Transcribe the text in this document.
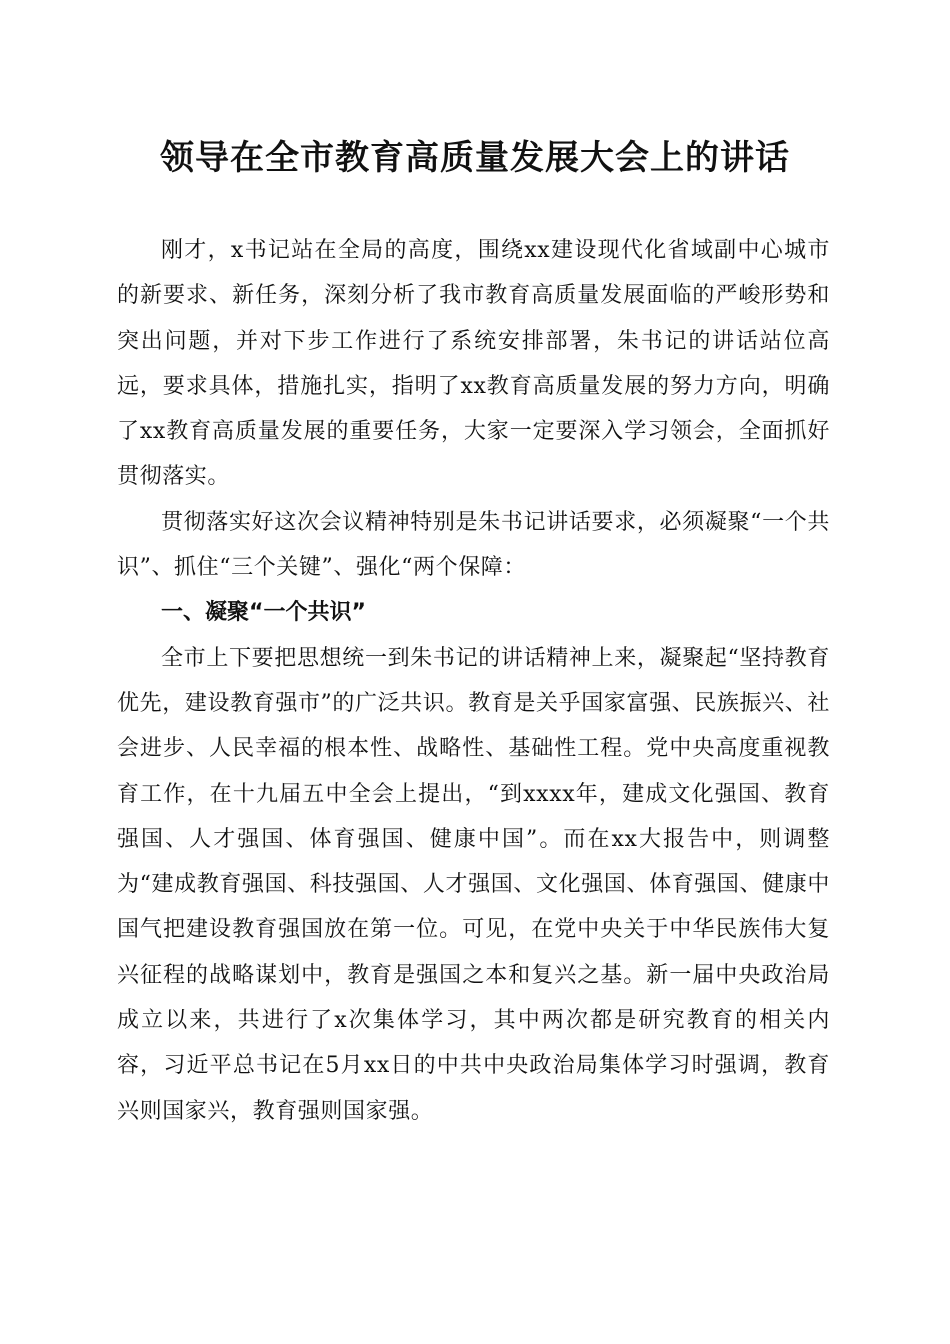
领导在全市教育高质量发展大会上的讲话

刚才，x书记站在全局的高度，围绕xx建设现代化省域副中心城市的新要求、新任务，深刻分析了我市教育高质量发展面临的严峻形势和突出问题，并对下步工作进行了系统安排部署，朱书记的讲话站位高远，要求具体，措施扎实，指明了xx教育高质量发展的努力方向，明确了xx教育高质量发展的重要任务，大家一定要深入学习领会，全面抓好贯彻落实。

贯彻落实好这次会议精神特别是朱书记讲话要求，必须凝聚“一个共识”、抓住“三个关键”、强化“两个保障：

一、凝聚“一个共识”

全市上下要把思想统一到朱书记的讲话精神上来，凝聚起“坚持教育优先，建设教育强市”的广泛共识。教育是关乎国家富强、民族振兴、社会进步、人民幸福的根本性、战略性、基础性工程。党中央高度重视教育工作，在十九届五中全会上提出，“到xxxx年，建成文化强国、教育强国、人才强国、体育强国、健康中国”。而在xx大报告中，则调整为“建成教育强国、科技强国、人才强国、文化强国、体育强国、健康中国气把建设教育强国放在第一位。可见，在党中央关于中华民族伟大复兴征程的战略谋划中，教育是强国之本和复兴之基。新一届中央政治局成立以来，共进行了x次集体学习，其中两次都是研究教育的相关内容，习近平总书记在5月xx日的中共中央政治局集体学习时强调，教育兴则国家兴，教育强则国家强。
